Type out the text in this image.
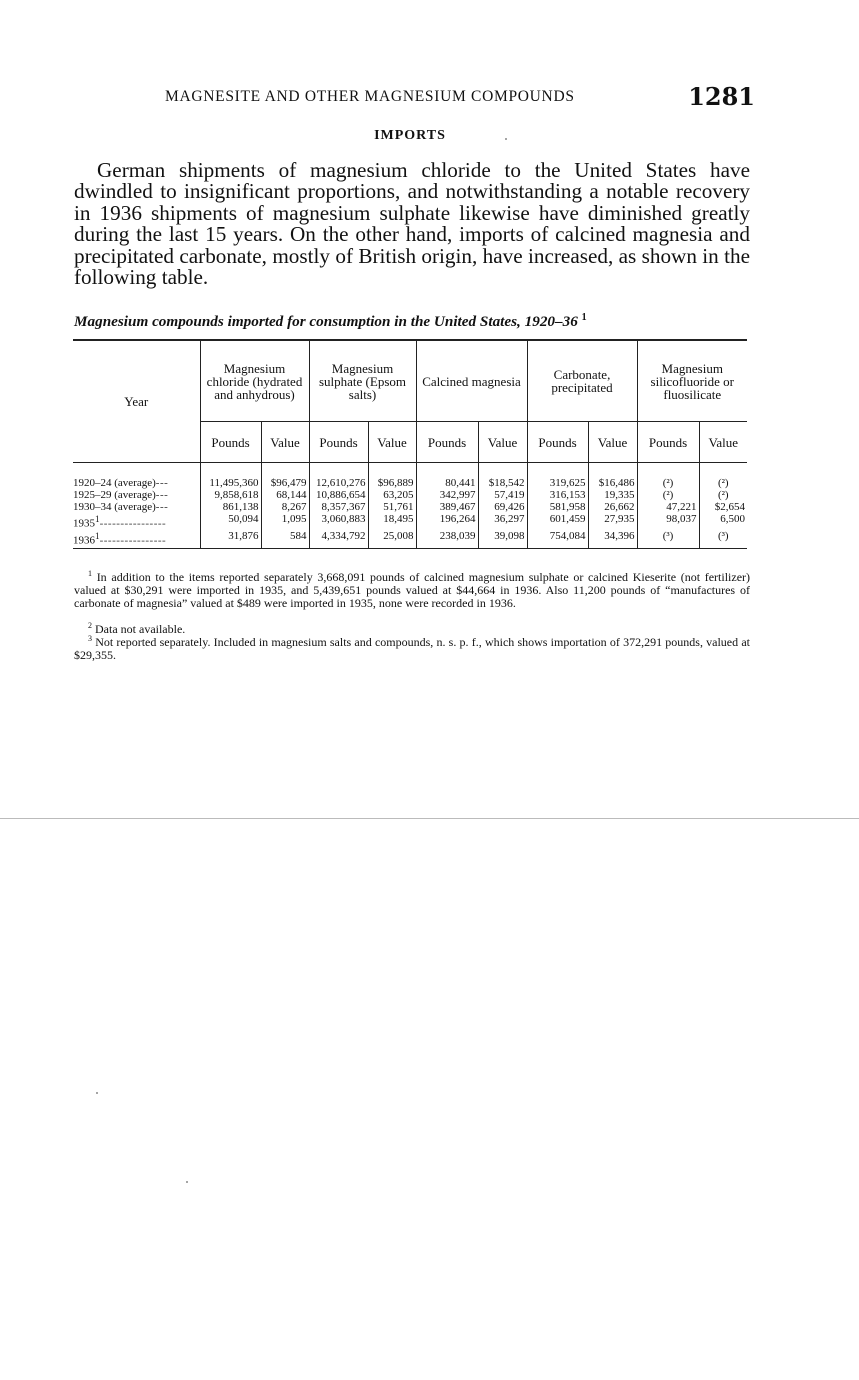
MAGNESITE AND OTHER MAGNESIUM COMPOUNDS	1281
IMPORTS

German shipments of magnesium chloride to the United States have dwindled to insignificant proportions, and notwithstanding a notable recovery in 1936 shipments of magnesium sulphate likewise have diminished greatly during the last 15 years. On the other hand, imports of calcined magnesia and precipitated carbonate, mostly of British origin, have increased, as shown in the following table.

Magnesium compounds imported for consumption in the United States, 1920–36 $^1$
Year	Magnesium chloride (hydrated and anhydrous)		Magnesium sulphate (Epsom salts)		Calcined magnesia		Carbonate, precipitated		Magnesium silicofluoride or fluosilicate	
	Pounds	Value	Pounds	Value	Pounds	Value	Pounds	Value	Pounds	Value
1920–24 (average)---	11,495,360	$96,479	12,610,276	$96,889	80,441	$18,542	319,625	$16,486	(²)	(²)
1925–29 (average)---	9,858,618	68,144	10,886,654	63,205	342,997	57,419	316,153	19,335	(²)	(²)
1930–34 (average)---	861,138	8,267	8,357,367	51,761	389,467	69,426	581,958	26,662	47,221	$2,654
1935$^1$----------------	50,094	1,095	3,060,883	18,495	196,264	36,297	601,459	27,935	98,037	6,500
1936$^1$----------------	31,876	584	4,334,792	25,008	238,039	39,098	754,084	34,396	(³)	(³)

$^1$ In addition to the items reported separately 3,668,091 pounds of calcined magnesium sulphate or calcined Kieserite (not fertilizer) valued at $30,291 were imported in 1935, and 5,439,651 pounds valued at $44,664 in 1936. Also 11,200 pounds of “manufactures of carbonate of magnesia” valued at $489 were imported in 1935, none were recorded in 1936.

$^2$ Data not available.

$^3$ Not reported separately. Included in magnesium salts and compounds, n. s. p. f., which shows importation of 372,291 pounds, valued at $29,355.
